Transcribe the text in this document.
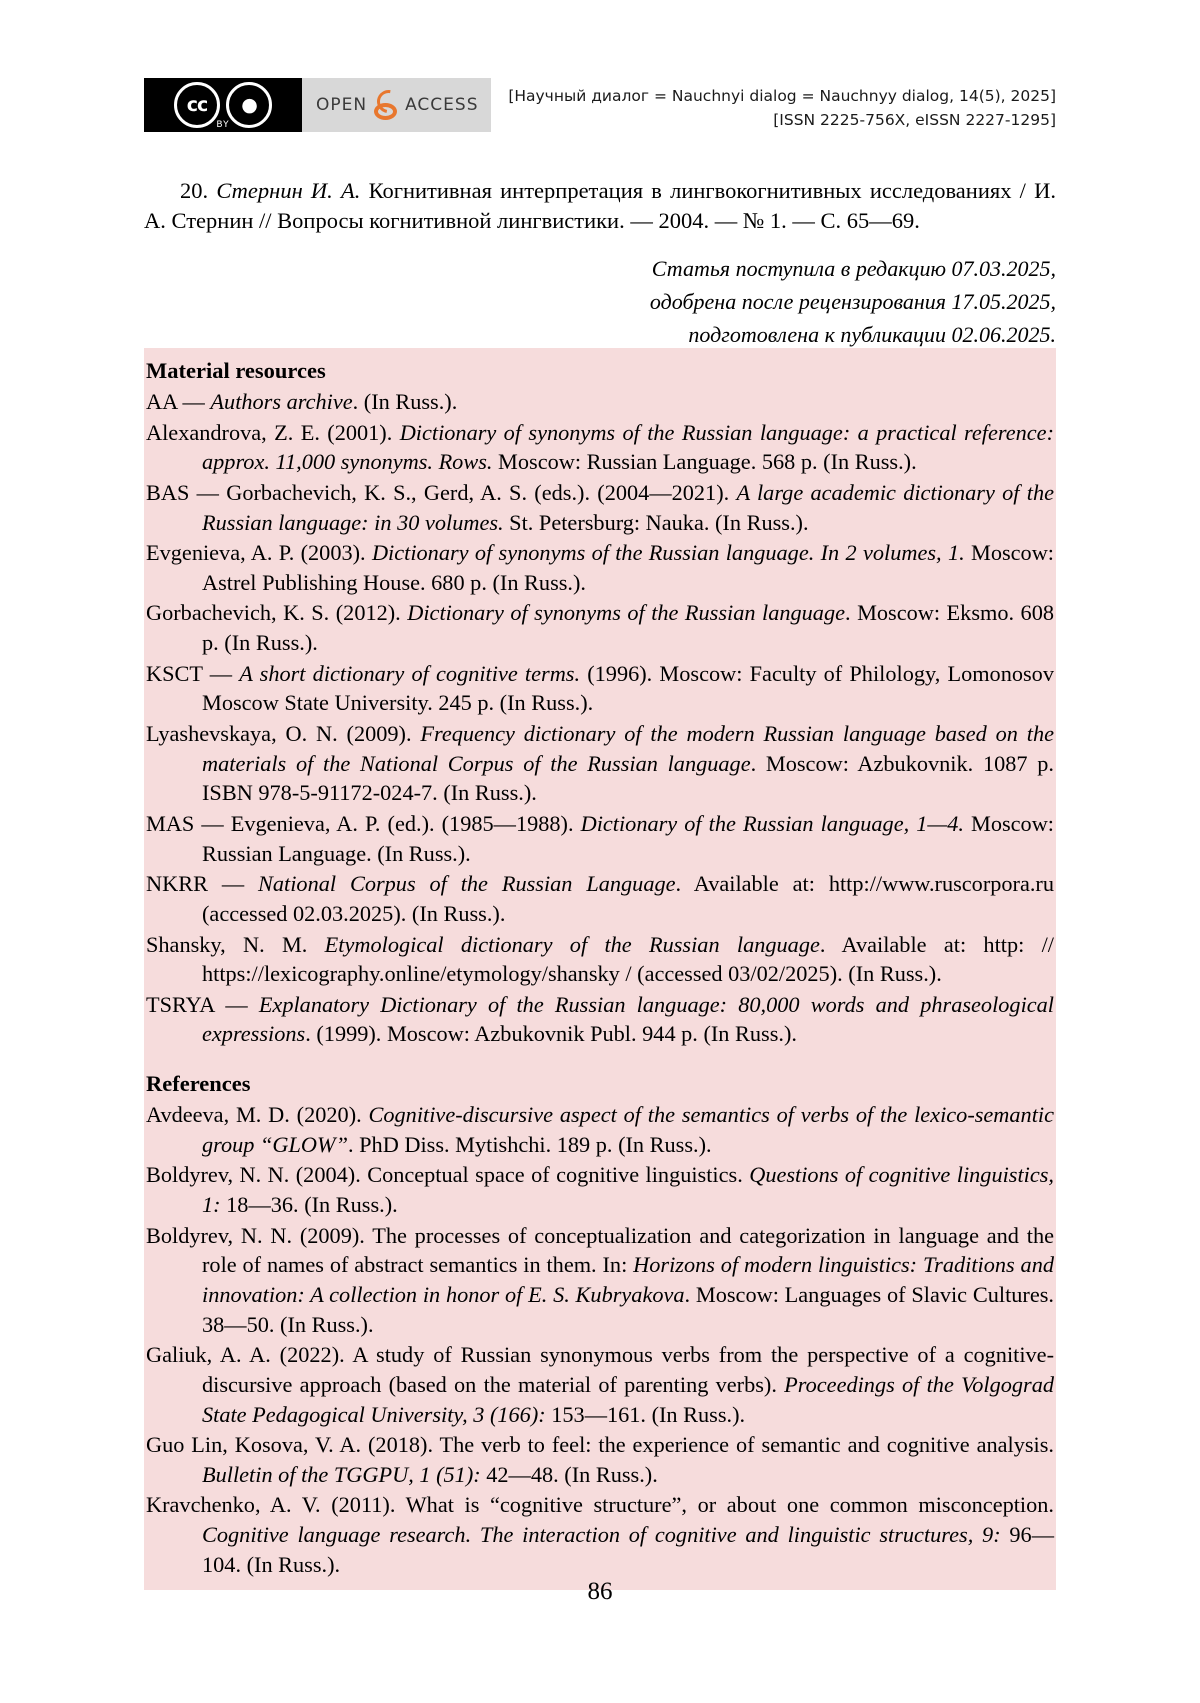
cc	●
BY
OPEN ACCESS [Научный диалог = Nauchnyi dialog = Nauchnyy dialog, 14(5), 2025]
[ISSN 2225-756X, eISSN 2227-1295]
20. Стернин И. А. Когнитивная интерпретация в лингвокогнитивных исследованиях / И. А. Стернин // Вопросы когнитивной лингвистики. — 2004. — № 1. — С. 65—69.
Статья поступила в редакцию 07.03.2025,
одобрена после рецензирования 17.05.2025,
подготовлена к публикации 02.06.2025.
Material resources
AA — Authors archive. (In Russ.).
Alexandrova, Z. E. (2001). Dictionary of synonyms of the Russian language: a practical reference: approx. 11,000 synonyms. Rows. Moscow: Russian Language. 568 p. (In Russ.).
BAS — Gorbachevich, K. S., Gerd, A. S. (eds.). (2004—2021). A large academic dictionary of the Russian language: in 30 volumes. St. Petersburg: Nauka. (In Russ.).
Evgenieva, A. P. (2003). Dictionary of synonyms of the Russian language. In 2 volumes, 1. Moscow: Astrel Publishing House. 680 p. (In Russ.).
Gorbachevich, K. S. (2012). Dictionary of synonyms of the Russian language. Moscow: Eksmo. 608 p. (In Russ.).
KSCT — A short dictionary of cognitive terms. (1996). Moscow: Faculty of Philology, Lomonosov Moscow State University. 245 p. (In Russ.).
Lyashevskaya, O. N. (2009). Frequency dictionary of the modern Russian language based on the materials of the National Corpus of the Russian language. Moscow: Azbukovnik. 1087 p. ISBN 978-5-91172-024-7. (In Russ.).
MAS — Evgenieva, A. P. (ed.). (1985—1988). Dictionary of the Russian language, 1—4. Moscow: Russian Language. (In Russ.).
NKRR — National Corpus of the Russian Language. Available at: http://www.ruscorpora.ru (accessed 02.03.2025). (In Russ.).
Shansky, N. M. Etymological dictionary of the Russian language. Available at: http: // https://lexicography.online/etymology/shansky / (accessed 03/02/2025). (In Russ.).
TSRYA — Explanatory Dictionary of the Russian language: 80,000 words and phraseological expressions. (1999). Moscow: Azbukovnik Publ. 944 p. (In Russ.).
References
Avdeeva, M. D. (2020). Cognitive-discursive aspect of the semantics of verbs of the lexico-semantic group “GLOW”. PhD Diss. Mytishchi. 189 p. (In Russ.).
Boldyrev, N. N. (2004). Conceptual space of cognitive linguistics. Questions of cognitive linguistics, 1: 18—36. (In Russ.).
Boldyrev, N. N. (2009). The processes of conceptualization and categorization in language and the role of names of abstract semantics in them. In: Horizons of modern linguistics: Traditions and innovation: A collection in honor of E. S. Kubryakova. Moscow: Languages of Slavic Cultures. 38—50. (In Russ.).
Galiuk, A. A. (2022). A study of Russian synonymous verbs from the perspective of a cognitive-discursive approach (based on the material of parenting verbs). Proceedings of the Volgograd State Pedagogical University, 3 (166): 153—161. (In Russ.).
Guo Lin, Kosova, V. A. (2018). The verb to feel: the experience of semantic and cognitive analysis. Bulletin of the TGGPU, 1 (51): 42—48. (In Russ.).
Kravchenko, A. V. (2011). What is “cognitive structure”, or about one common misconception. Cognitive language research. The interaction of cognitive and linguistic structures, 9: 96—104. (In Russ.).
86
